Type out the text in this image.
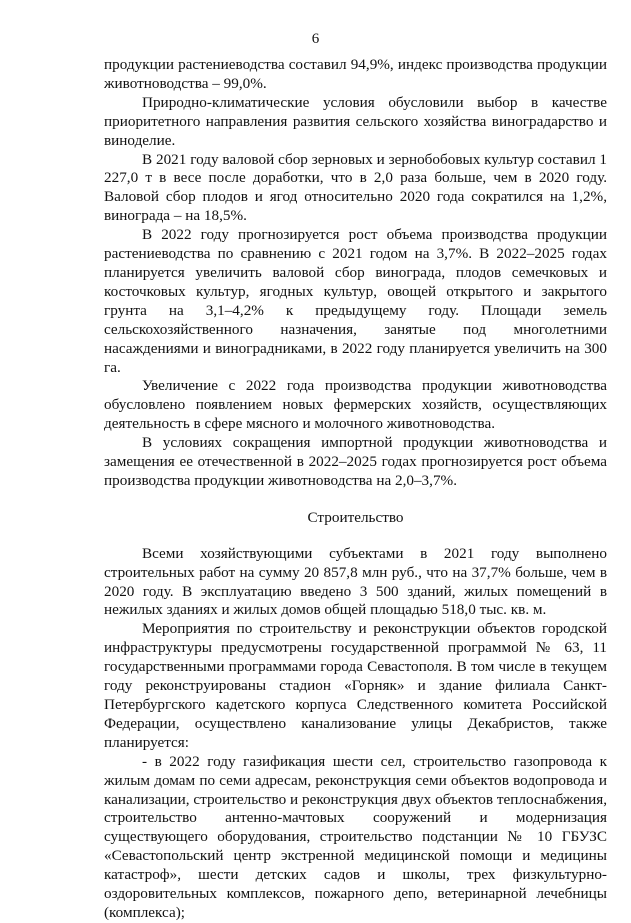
6

продукции растениеводства составил 94,9%, индекс производства продукции животноводства – 99,0%.

Природно-климатические условия обусловили выбор в качестве приоритетного направления развития сельского хозяйства виноградарство и виноделие.

В 2021 году валовой сбор зерновых и зернобобовых культур составил 1 227,0 т в весе после доработки, что в 2,0 раза больше, чем в 2020 году. Валовой сбор плодов и ягод относительно 2020 года сократился на 1,2%, винограда – на 18,5%.

В 2022 году прогнозируется рост объема производства продукции растениеводства по сравнению с 2021 годом на 3,7%. В 2022–2025 годах планируется увеличить валовой сбор винограда, плодов семечковых и косточковых культур, ягодных культур, овощей открытого и закрытого грунта на 3,1–4,2% к предыдущему году. Площади земель сельскохозяйственного назначения, занятые под многолетними насаждениями и виноградниками, в 2022 году планируется увеличить на 300 га.

Увеличение с 2022 года производства продукции животноводства обусловлено появлением новых фермерских хозяйств, осуществляющих деятельность в сфере мясного и молочного животноводства.

В условиях сокращения импортной продукции животноводства и замещения ее отечественной в 2022–2025 годах прогнозируется рост объема производства продукции животноводства на 2,0–3,7%.

Строительство

Всеми хозяйствующими субъектами в 2021 году выполнено строительных работ на сумму 20 857,8 млн руб., что на 37,7% больше, чем в 2020 году. В эксплуатацию введено 3 500 зданий, жилых помещений в нежилых зданиях и жилых домов общей площадью 518,0 тыс. кв. м.

Мероприятия по строительству и реконструкции объектов городской инфраструктуры предусмотрены государственной программой № 63, 11 государственными программами города Севастополя. В том числе в текущем году реконструированы стадион «Горняк» и здание филиала Санкт-Петербургского кадетского корпуса Следственного комитета Российской Федерации, осуществлено канализование улицы Декабристов, также планируется:

- в 2022 году газификация шести сел, строительство газопровода к жилым домам по семи адресам, реконструкция семи объектов водопровода и канализации, строительство и реконструкция двух объектов теплоснабжения, строительство антенно-мачтовых сооружений и модернизация существующего оборудования, строительство подстанции № 10 ГБУЗС «Севастопольский центр экстренной медицинской помощи и медицины катастроф», шести детских садов и школы, трех физкультурно-оздоровительных комплексов, пожарного депо, ветеринарной лечебницы (комплекса);
